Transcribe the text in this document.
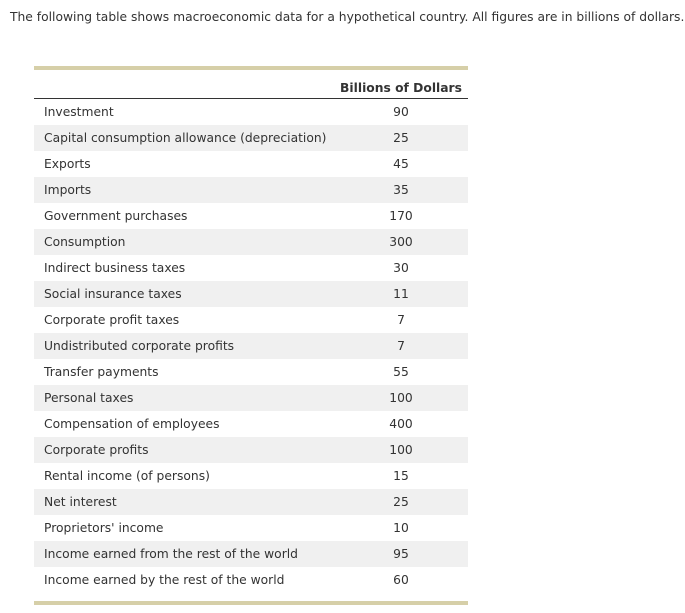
The following table shows macroeconomic data for a hypothetical country. All figures are in billions of dollars.

	Billions of Dollars

Investment	90
Capital consumption allowance (depreciation)	25
Exports	45
Imports	35
Government purchases	170
Consumption	300
Indirect business taxes	30
Social insurance taxes	11
Corporate profit taxes	7
Undistributed corporate profits	7
Transfer payments	55
Personal taxes	100
Compensation of employees	400
Corporate profits	100
Rental income (of persons)	15
Net interest	25
Proprietors' income	10
Income earned from the rest of the world	95
Income earned by the rest of the world	60
